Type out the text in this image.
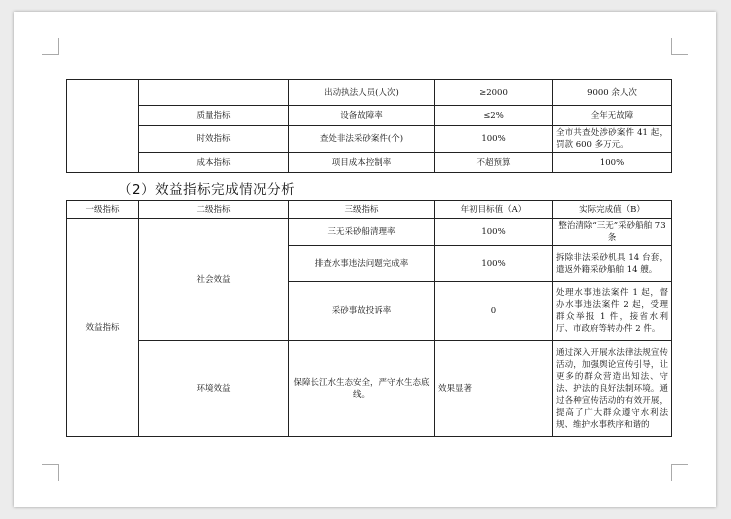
		出动执法人员(人次)	≥2000	9000 余人次
	质量指标	设备故障率	≤2%	全年无故障
	时效指标	查处非法采砂案件(个)	100%	全市共查处涉砂案件 41 起，罚款 600 多万元。
	成本指标	项目成本控制率	不超预算	100%
（2）效益指标完成情况分析
一级指标	二级指标	三级指标	年初目标值（A）	实际完成值（B）
效益指标	社会效益	三无采砂船清理率	100%	整治清除“三无”采砂船舶 73 条
		排查水事违法问题完成率	100%	拆除非法采砂机具 14 台套，遣返外籍采砂船舶 14 艘。
		采砂事故投诉率	0	处理水事违法案件 1 起，督办水事违法案件 2 起，受理群众举报 1 件，接省水利厅、市政府等转办件 2 件。
	环境效益	保障长江水生态安全，严守水生态底线。	效果显著	通过深入开展水法律法规宣传活动，加强舆论宣传引导，让更多的群众营造出知法、守法、护法的良好法制环境。通过各种宣传活动的有效开展，提高了广大群众遵守水利法规、维护水事秩序和谐的
